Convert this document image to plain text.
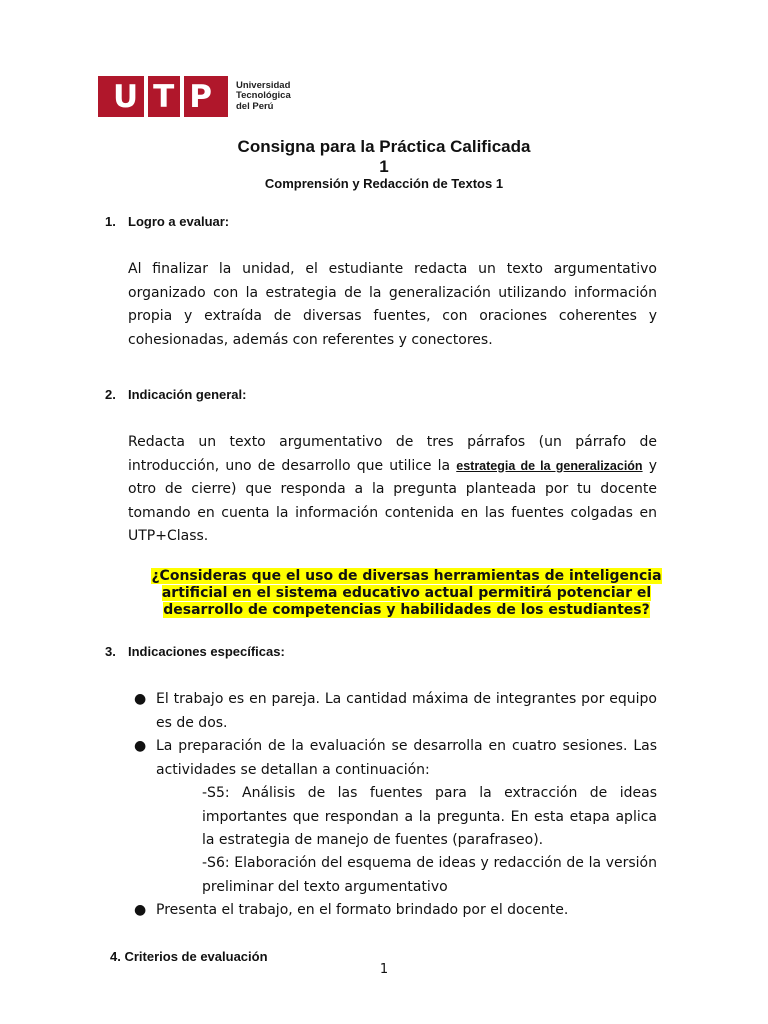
U T P Universidad
Tecnológica
del Perú
Consigna para la Práctica Calificada
1
Comprensión y Redacción de Textos 1
1. Logro a evaluar:
Al finalizar la unidad, el estudiante redacta un texto argumentativo organizado con la estrategia de la generalización utilizando información propia y extraída de diversas fuentes, con oraciones coherentes y cohesionadas, además con referentes y conectores.
2. Indicación general:
Redacta un texto argumentativo de tres párrafos (un párrafo de introducción, uno de desarrollo que utilice la estrategia de la generalización y otro de cierre) que responda a la pregunta planteada por tu docente tomando en cuenta la información contenida en las fuentes colgadas en UTP+Class.
¿Consideras que el uso de diversas herramientas de inteligencia artificial en el sistema educativo actual permitirá potenciar el desarrollo de competencias y habilidades de los estudiantes?
3. Indicaciones específicas:
● El trabajo es en pareja. La cantidad máxima de integrantes por equipo es de dos.
● La preparación de la evaluación se desarrolla en cuatro sesiones. Las actividades se detallan a continuación:
-S5: Análisis de las fuentes para la extracción de ideas importantes que respondan a la pregunta. En esta etapa aplica la estrategia de manejo de fuentes (parafraseo).
-S6: Elaboración del esquema de ideas y redacción de la versión preliminar del texto argumentativo
● Presenta el trabajo, en el formato brindado por el docente.
4. Criterios de evaluación
1
